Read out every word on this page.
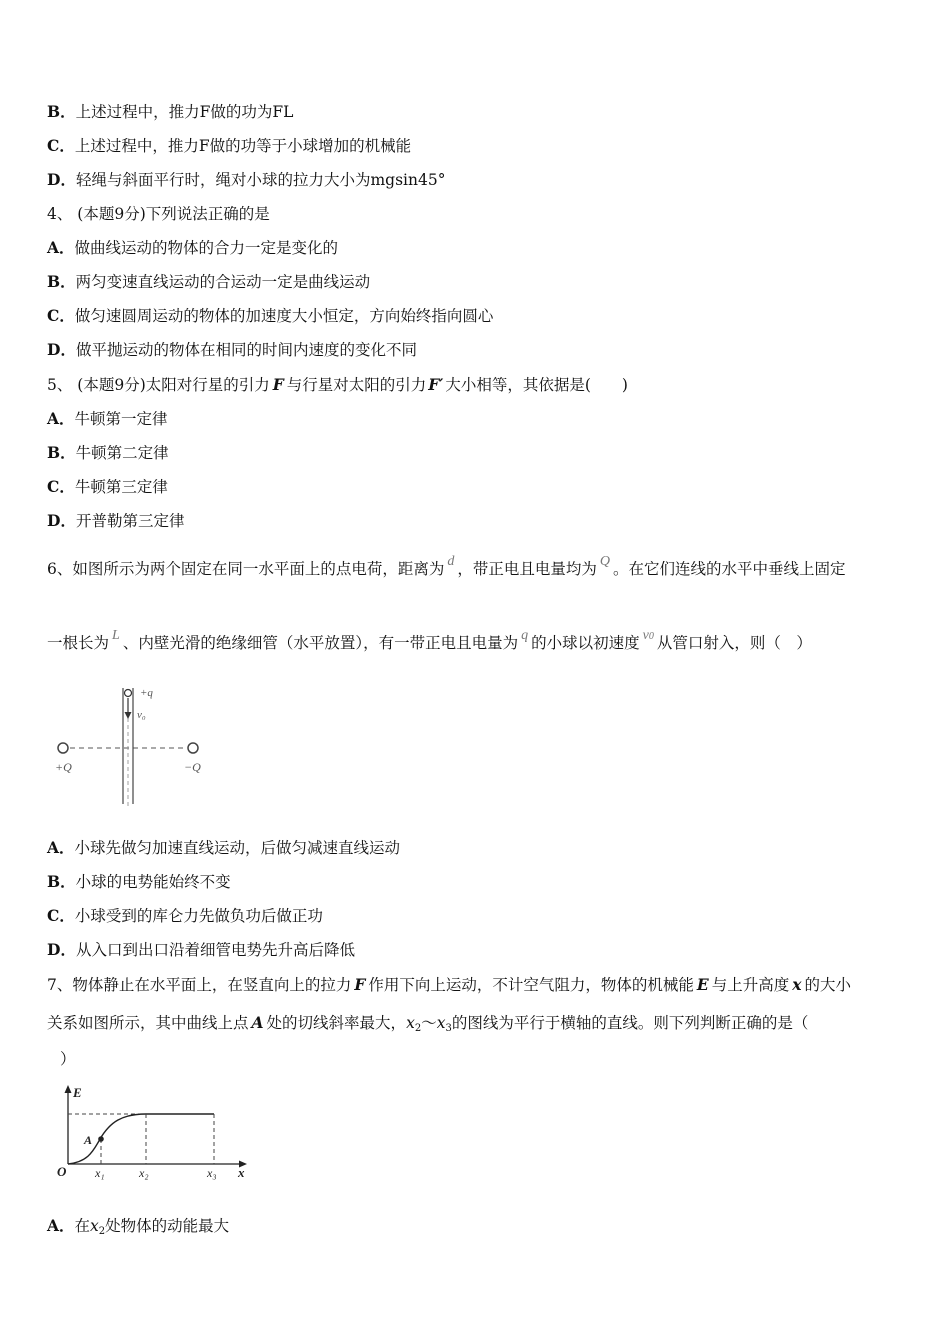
B．上述过程中，推力F做的功为FL
C．上述过程中，推力F做的功等于小球增加的机械能
D．轻绳与斜面平行时，绳对小球的拉力大小为mgsin45°
4、 (本题9分)下列说法正确的是
A．做曲线运动的物体的合力一定是变化的
B．两匀变速直线运动的合运动一定是曲线运动
C．做匀速圆周运动的物体的加速度大小恒定，方向始终指向圆心
D．做平抛运动的物体在相同的时间内速度的变化不同
5、 (本题9分)太阳对行星的引力 F 与行星对太阳的引力 F′ 大小相等，其依据是(　　)
A．牛顿第一定律
B．牛顿第二定律
C．牛顿第三定律
D．开普勒第三定律
6、如图所示为两个固定在同一水平面上的点电荷，距离为 d ，带正电且电量均为 Q 。在它们连线的水平中垂线上固定
一根长为 L 、内壁光滑的绝缘细管（水平放置），有一带正电且电量为 q 的小球以初速度 v0 从管口射入，则（　）
+q
v₀
+Q	−Q
A．小球先做匀加速直线运动，后做匀减速直线运动
B．小球的电势能始终不变
C．小球受到的库仑力先做负功后做正功
D．从入口到出口沿着细管电势先升高后降低
7、物体静止在水平面上，在竖直向上的拉力 F 作用下向上运动，不计空气阻力，物体的机械能 E 与上升高度 x 的大小
关系如图所示，其中曲线上点 A 处的切线斜率最大，$x_2\sim x_3$的图线为平行于横轴的直线。则下列判断正确的是（
）
E
A
O x₁	x₂	x₃ x
A．在$x_2$处物体的动能最大
